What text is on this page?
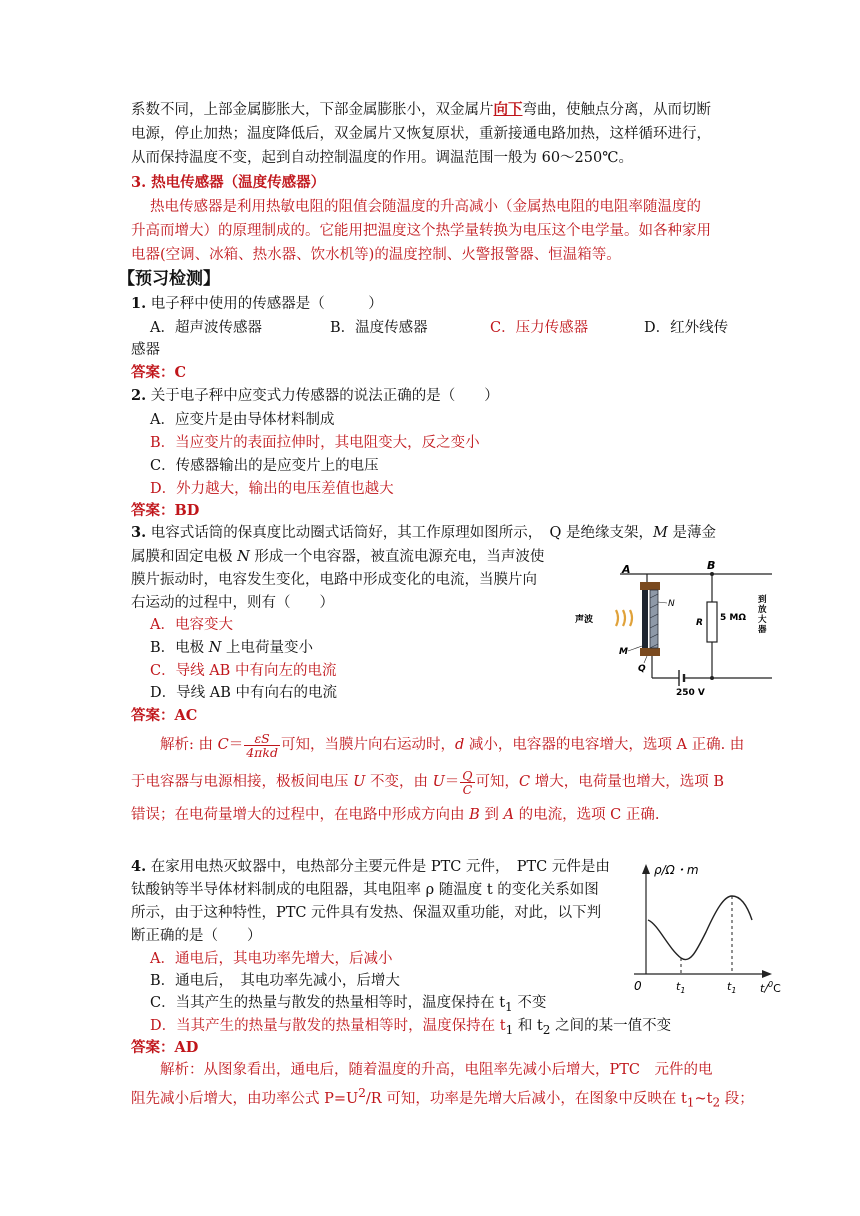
系数不同，上部金属膨胀大，下部金属膨胀小，双金属片向下弯曲，使触点分离，从而切断
电源，停止加热；温度降低后，双金属片又恢复原状，重新接通电路加热，这样循环进行，
从而保持温度不变，起到自动控制温度的作用。调温范围一般为 60～250℃。
3. 热电传感器（温度传感器）
热电传感器是利用热敏电阻的阻值会随温度的升高减小（金属热电阻的电阻率随温度的
升高而增大）的原理制成的。它能用把温度这个热学量转换为电压这个电学量。如各种家用
电器(空调、冰箱、热水器、饮水机等)的温度控制、火警报警器、恒温箱等。
【预习检测】
1. 电子秤中使用的传感器是（　　　）
A．超声波传感器	B．温度传感器	C．压力传感器	D．红外线传
感器
答案：C
2. 关于电子秤中应变式力传感器的说法正确的是（　　）
A．应变片是由导体材料制成
B．当应变片的表面拉伸时，其电阻变大，反之变小
C．传感器输出的是应变片上的电压
D．外力越大，输出的电压差值也越大
答案：BD
3. 电容式话筒的保真度比动圈式话筒好，其工作原理如图所示，　Q 是绝缘支架，M 是薄金
属膜和固定电极 N 形成一个电容器，被直流电源充电，当声波使
膜片振动时，电容发生变化，电路中形成变化的电流，当膜片向
右运动的过程中，则有（　　）
A．电容变大
B．电极 N 上电荷量变小
C．导线 AB 中有向左的电流
D．导线 AB 中有向右的电流
答案：AC
解析: 由 $C= \frac{\varepsilon S}{\text{4πkd}}$ 可知，当膜片向右运动时，d 减小，电容器的电容增大，选项 A 正确. 由
于电容器与电源相接，极板间电压 U 不变，由 $U= \frac{Q}{C}$ 可知，C 增大，电荷量也增大，选项 B
错误；在电荷量增大的过程中，在电路中形成方向由 B 到 A 的电流，选项 C 正确.
A	B
N
R 5 MΩ
到
放
大
器
声波
M
Q
250 V
4. 在家用电热灭蚊器中，电热部分主要元件是 PTC 元件，　PTC 元件是由
钛酸钠等半导体材料制成的电阻器，其电阻率 ρ 随温度 t 的变化关系如图
所示，由于这种特性，PTC 元件具有发热、保温双重功能，对此，以下判
断正确的是（　　）
A．通电后，其电功率先增大，后减小
B．通电后，　其电功率先减小，后增大
C．当其产生的热量与散发的热量相等时，温度保持在 $t_1$ 不变
D．当其产生的热量与散发的热量相等时，温度保持在 $t_1$ 和 $t_2$ 之间的某一值不变
答案：AD
解析：从图象看出，通电后，随着温度的升高，电阻率先减小后增大，PTC　元件的电
阻先减小后增大，由功率公式 $P=U^2/R$ 可知，功率是先增大后减小，在图象中反映在 $t_1\sim t_2$ 段；
ρ/Ω・m
0	$t_1$	$t_1$ t/$^0$C
